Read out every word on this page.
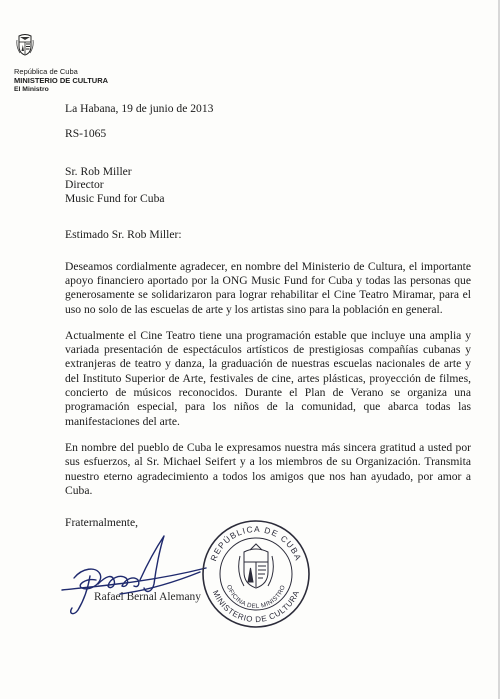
República de Cuba
MINISTERIO DE CULTURA
El Ministro
La Habana, 19 de junio de 2013
RS-1065
Sr. Rob Miller
Director
Music Fund for Cuba
Estimado Sr. Rob Miller:

Deseamos cordialmente agradecer, en nombre del Ministerio de Cultura, el importante apoyo financiero aportado por la ONG Music Fund for Cuba y todas las personas que generosamente se solidarizaron para lograr rehabilitar el Cine Teatro Miramar, para el uso no solo de las escuelas de arte y los artistas sino para la población en general.

Actualmente el Cine Teatro tiene una programación estable que incluye una amplia y variada presentación de espectáculos artísticos de prestigiosas compañías cubanas y extranjeras de teatro y danza, la graduación de nuestras escuelas nacionales de arte y del Instituto Superior de Arte, festivales de cine, artes plásticas, proyección de filmes, concierto de músicos reconocidos. Durante el Plan de Verano se organiza una programación especial, para los niños de la comunidad, que abarca todas las manifestaciones del arte.

En nombre del pueblo de Cuba le expresamos nuestra más sincera gratitud a usted por sus esfuerzos, al Sr. Michael Seifert y a los miembros de su Organización. Transmita nuestro eterno agradecimiento a todos los amigos que nos han ayudado, por amor a Cuba.

Fraternalmente,
Rafael Bernal Alemany
REPÚBLICA DE CUBA
MINISTERIO DE CULTURA
OFICINA DEL MINISTRO
